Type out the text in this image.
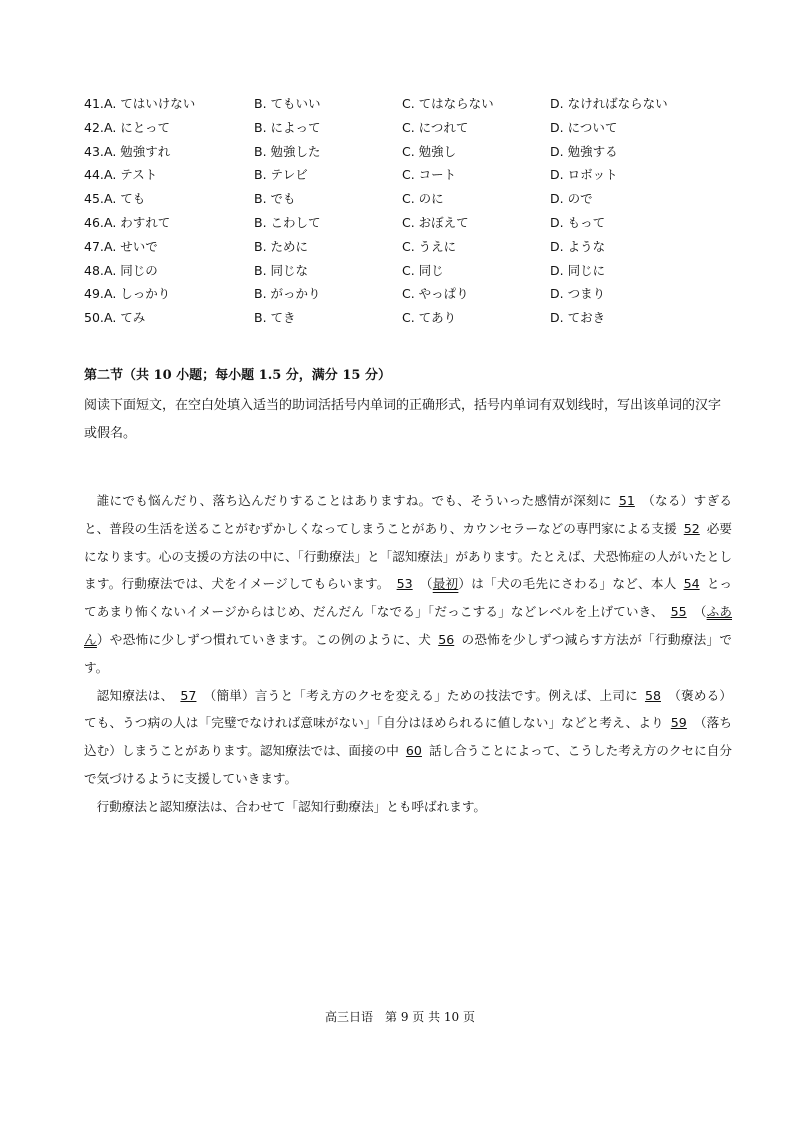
41. A. てはいけない	B. てもいい	C. てはならない	D. なければならない
42. A. にとって	B. によって	C. につれて	D. について
43. A. 勉強すれ	B. 勉強した	C. 勉強し	D. 勉強する
44. A. テスト	B. テレビ	C. コート	D. ロボット
45. A. ても	B. でも	C. のに	D. ので
46. A. わすれて	B. こわして	C. おぼえて	D. もって
47. A. せいで	B. ために	C. うえに	D. ような
48. A. 同じの	B. 同じな	C. 同じ	D. 同じに
49. A. しっかり	B. がっかり	C. やっぱり	D. つまり
50. A. てみ	B. てき	C. てあり	D. ておき
第二节（共 10 小题；每小题 1.5 分，满分 15 分）
阅读下面短文，在空白处填入适当的助词活括号内单词的正确形式，括号内单词有双划线时，写出该单词的汉字或假名。

誰にでも悩んだり、落ち込んだりすることはありますね。でも、そういった感情が深刻に 51 （なる）すぎると、普段の生活を送ることがむずかしくなってしまうことがあり、カウンセラーなどの専門家による支援 52 必要になります。心の支援の方法の中に、「行動療法」と「認知療法」があります。たとえば、犬恐怖症の人がいたとします。行動療法では、犬をイメージしてもらいます。 53 （最初）は「犬の毛先にさわる」など、本人 54 とってあまり怖くないイメージからはじめ、だんだん「なでる」「だっこする」などレベルを上げていき、 55 （ふあん）や恐怖に少しずつ慣れていきます。この例のように、犬 56 の恐怖を少しずつ減らす方法が「行動療法」です。

認知療法は、 57 （簡単）言うと「考え方のクセを変える」ための技法です。例えば、上司に 58 （褒める）ても、うつ病の人は「完璧でなければ意味がない」「自分はほめられるに値しない」などと考え、より 59 （落ち込む）しまうことがあります。認知療法では、面接の中 60 話し合うことによって、こうした考え方のクセに自分で気づけるように支援していきます。

行動療法と認知療法は、合わせて「認知行動療法」とも呼ばれます。

高三日语　第 9 页 共 10 页
